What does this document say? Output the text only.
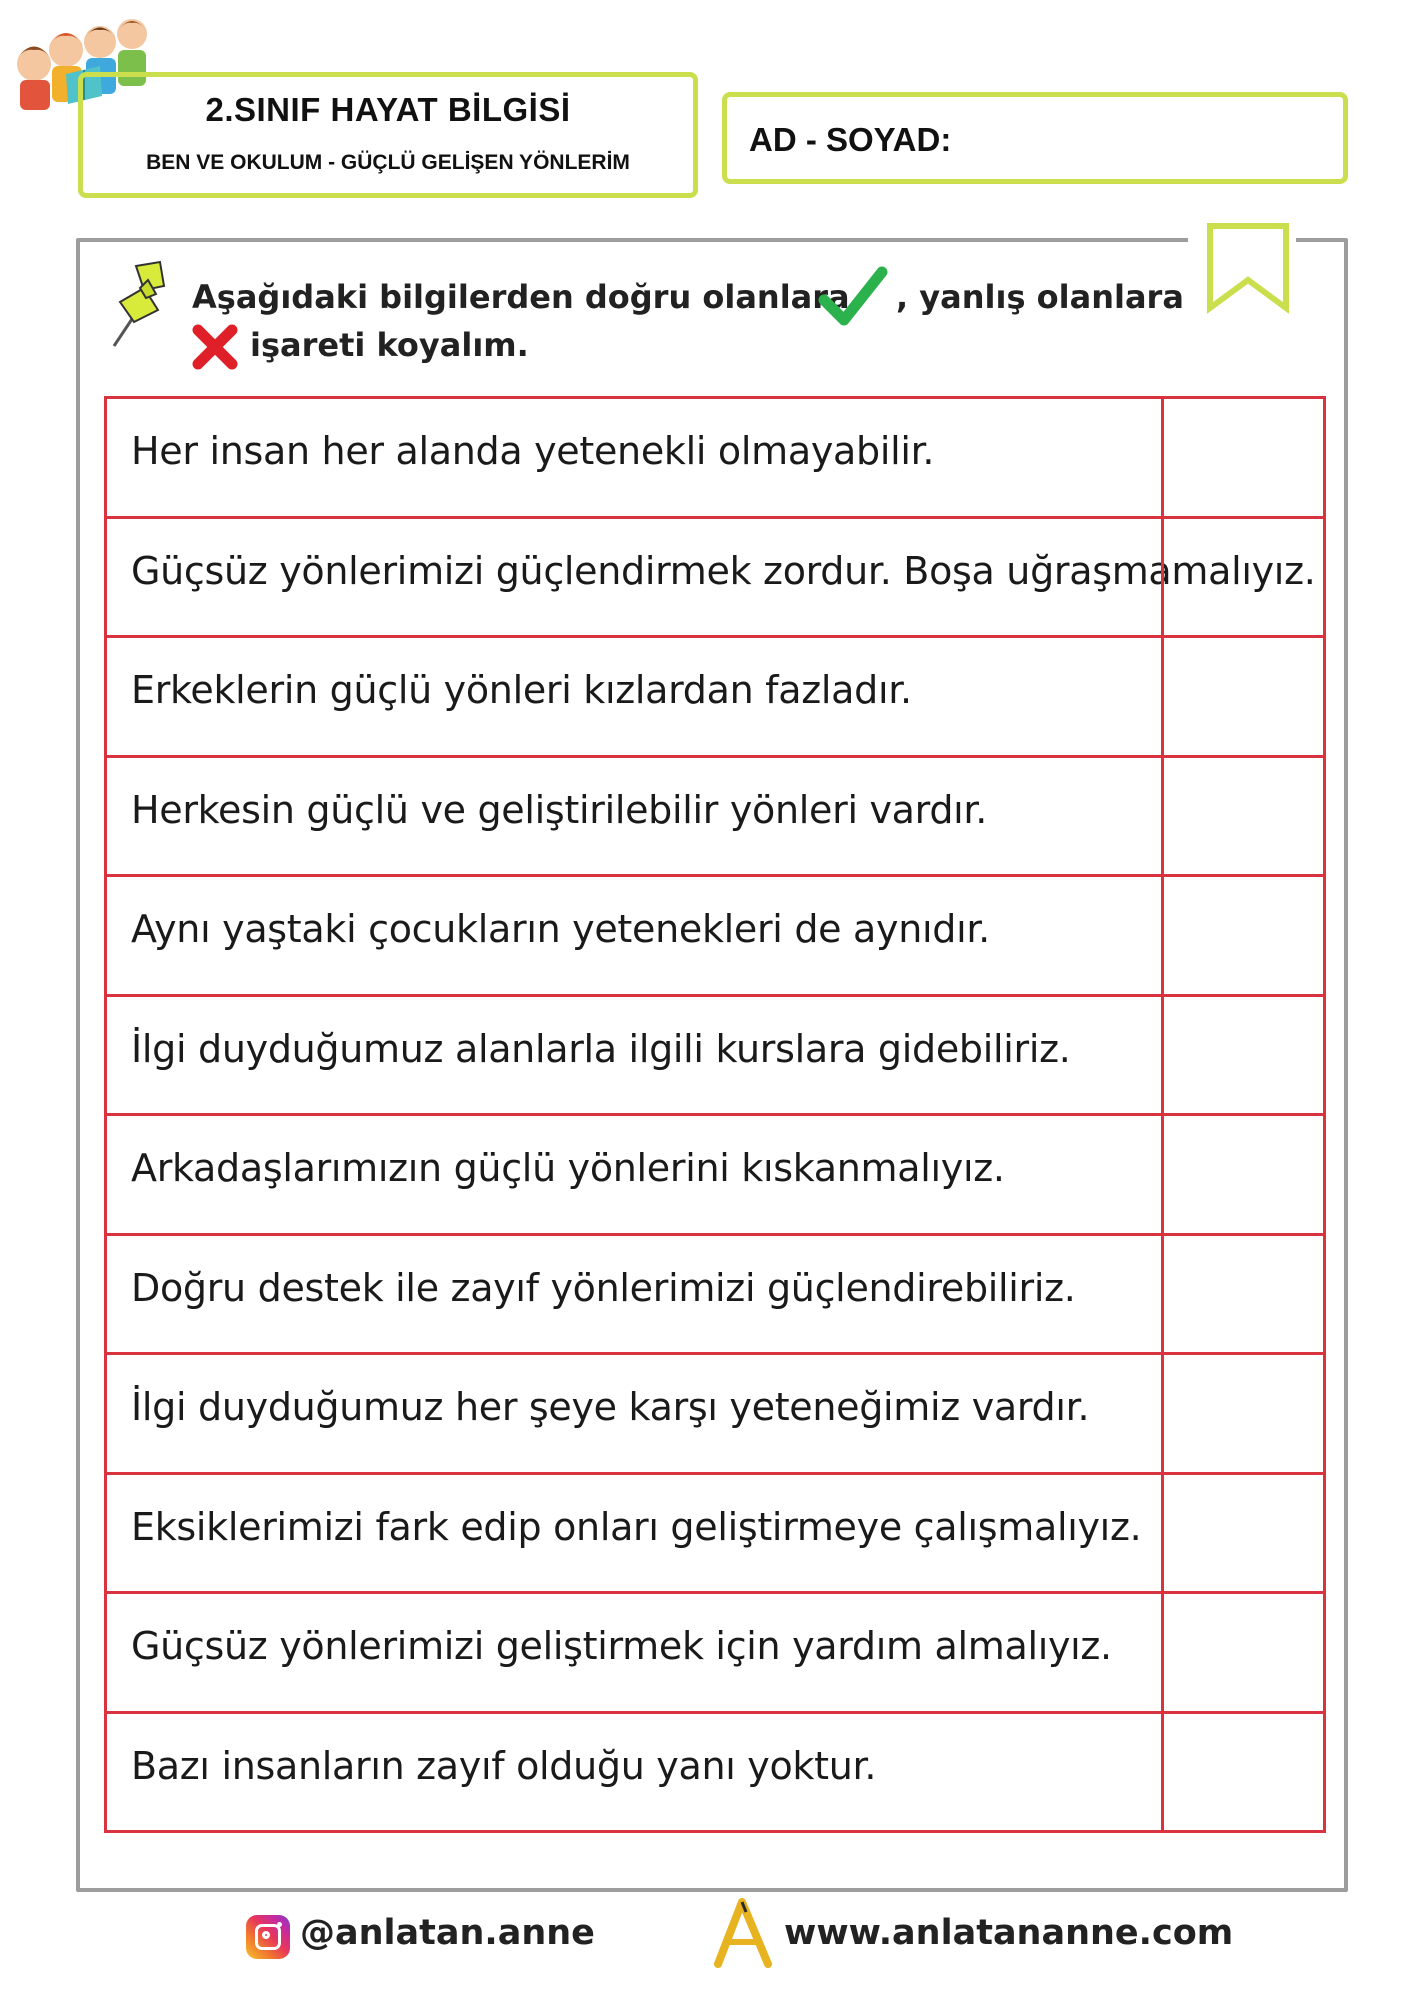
2.SINIF HAYAT BİLGİSİ
BEN VE OKULUM - GÜÇLÜ GELİŞEN YÖNLERİM
AD - SOYAD:
Aşağıdaki bilgilerden doğru olanlara , yanlış olanlara
işareti koyalım.
Her insan her alanda yetenekli olmayabilir.
Güçsüz yönlerimizi güçlendirmek zordur. Boşa uğraşmamalıyız.
Erkeklerin güçlü yönleri kızlardan fazladır.
Herkesin güçlü ve geliştirilebilir yönleri vardır.
Aynı yaştaki çocukların yetenekleri de aynıdır.
İlgi duyduğumuz alanlarla ilgili kurslara gidebiliriz.
Arkadaşlarımızın güçlü yönlerini kıskanmalıyız.
Doğru destek ile zayıf yönlerimizi güçlendirebiliriz.
İlgi duyduğumuz her şeye karşı yeteneğimiz vardır.
Eksiklerimizi fark edip onları geliştirmeye çalışmalıyız.
Güçsüz yönlerimizi geliştirmek için yardım almalıyız.
Bazı insanların zayıf olduğu yanı yoktur.
@anlatan.anne	www.anlatananne.com
